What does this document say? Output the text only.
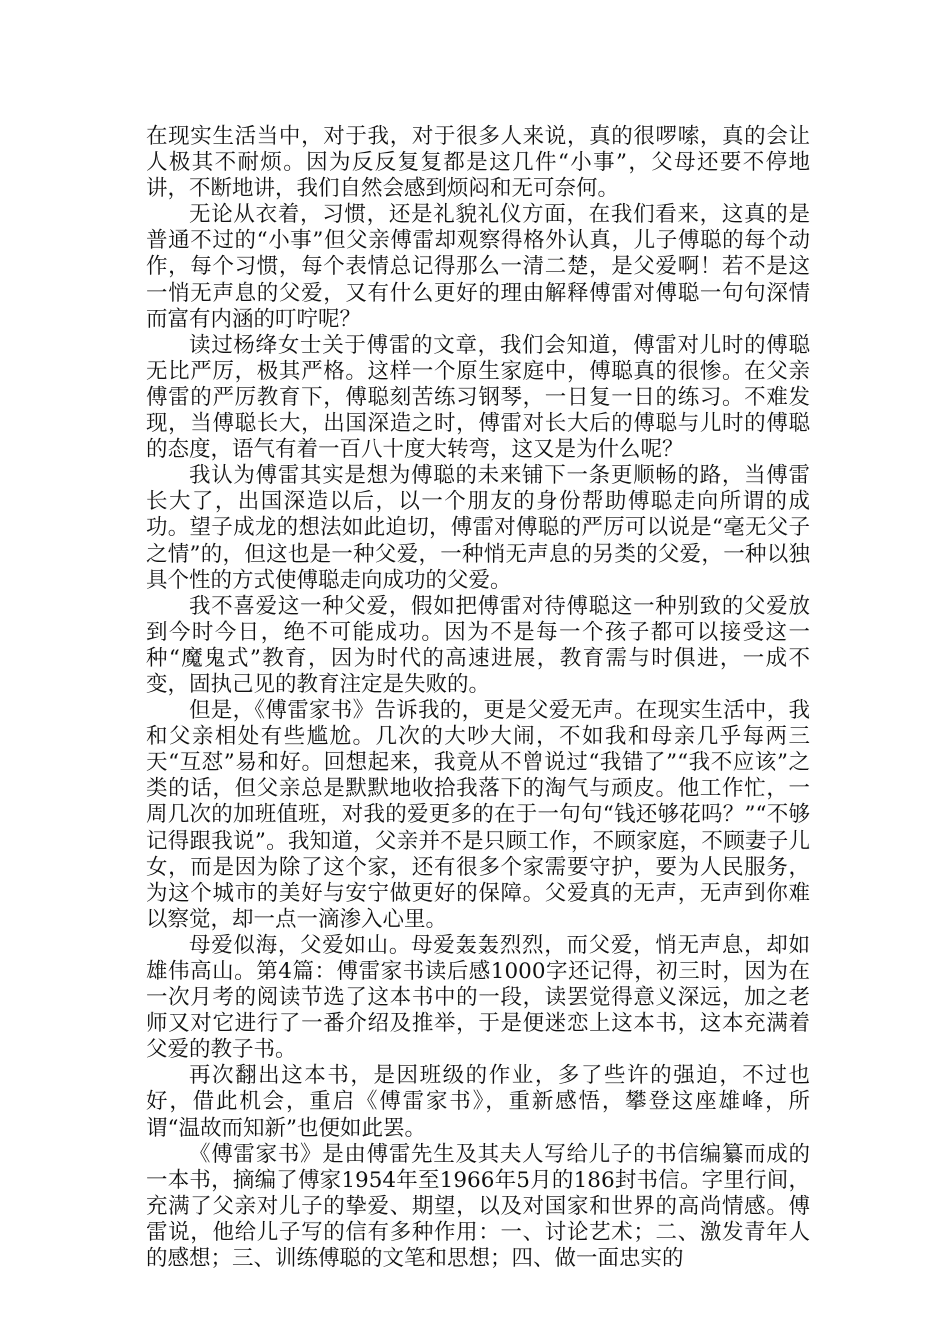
在现实生活当中，对于我，对于很多人来说，真的很啰嗦，真的会让人极其不耐烦。因为反反复复都是这几件“小事”，父母还要不停地讲，不断地讲，我们自然会感到烦闷和无可奈何。

无论从衣着，习惯，还是礼貌礼仪方面，在我们看来，这真的是普通不过的“小事”但父亲傅雷却观察得格外认真，儿子傅聪的每个动作，每个习惯，每个表情总记得那么一清二楚，是父爱啊！若不是这一悄无声息的父爱，又有什么更好的理由解释傅雷对傅聪一句句深情而富有内涵的叮咛呢？

读过杨绛女士关于傅雷的文章，我们会知道，傅雷对儿时的傅聪无比严厉，极其严格。这样一个原生家庭中，傅聪真的很惨。在父亲傅雷的严厉教育下，傅聪刻苦练习钢琴，一日复一日的练习。不难发现，当傅聪长大，出国深造之时，傅雷对长大后的傅聪与儿时的傅聪的态度，语气有着一百八十度大转弯，这又是为什么呢？

我认为傅雷其实是想为傅聪的未来铺下一条更顺畅的路，当傅雷长大了，出国深造以后，以一个朋友的身份帮助傅聪走向所谓的成功。望子成龙的想法如此迫切，傅雷对傅聪的严厉可以说是“毫无父子之情”的，但这也是一种父爱，一种悄无声息的另类的父爱，一种以独具个性的方式使傅聪走向成功的父爱。

我不喜爱这一种父爱，假如把傅雷对待傅聪这一种别致的父爱放到今时今日，绝不可能成功。因为不是每一个孩子都可以接受这一种“魔鬼式”教育，因为时代的高速进展，教育需与时俱进，一成不变，固执己见的教育注定是失败的。

但是，《傅雷家书》告诉我的，更是父爱无声。在现实生活中，我和父亲相处有些尴尬。几次的大吵大闹，不如我和母亲几乎每两三天“互怼”易和好。回想起来，我竟从不曾说过“我错了”“我不应该”之类的话，但父亲总是默默地收拾我落下的淘气与顽皮。他工作忙，一周几次的加班值班，对我的爱更多的在于一句句“钱还够花吗？”“不够记得跟我说”。我知道，父亲并不是只顾工作，不顾家庭，不顾妻子儿女，而是因为除了这个家，还有很多个家需要守护，要为人民服务，为这个城市的美好与安宁做更好的保障。父爱真的无声，无声到你难以察觉，却一点一滴渗入心里。

母爱似海，父爱如山。母爱轰轰烈烈，而父爱，悄无声息，却如雄伟高山。第4篇：傅雷家书读后感1000字还记得，初三时，因为在一次月考的阅读节选了这本书中的一段，读罢觉得意义深远，加之老师又对它进行了一番介绍及推举，于是便迷恋上这本书，这本充满着父爱的教子书。

再次翻出这本书，是因班级的作业，多了些许的强迫，不过也好，借此机会，重启《傅雷家书》，重新感悟，攀登这座雄峰，所谓“温故而知新”也便如此罢。

《傅雷家书》是由傅雷先生及其夫人写给儿子的书信编纂而成的一本书，摘编了傅家1954年至1966年5月的186封书信。字里行间，充满了父亲对儿子的挚爱、期望，以及对国家和世界的高尚情感。傅雷说，他给儿子写的信有多种作用：一、讨论艺术；二、激发青年人的感想；三、训练傅聪的文笔和思想；四、做一面忠实的
